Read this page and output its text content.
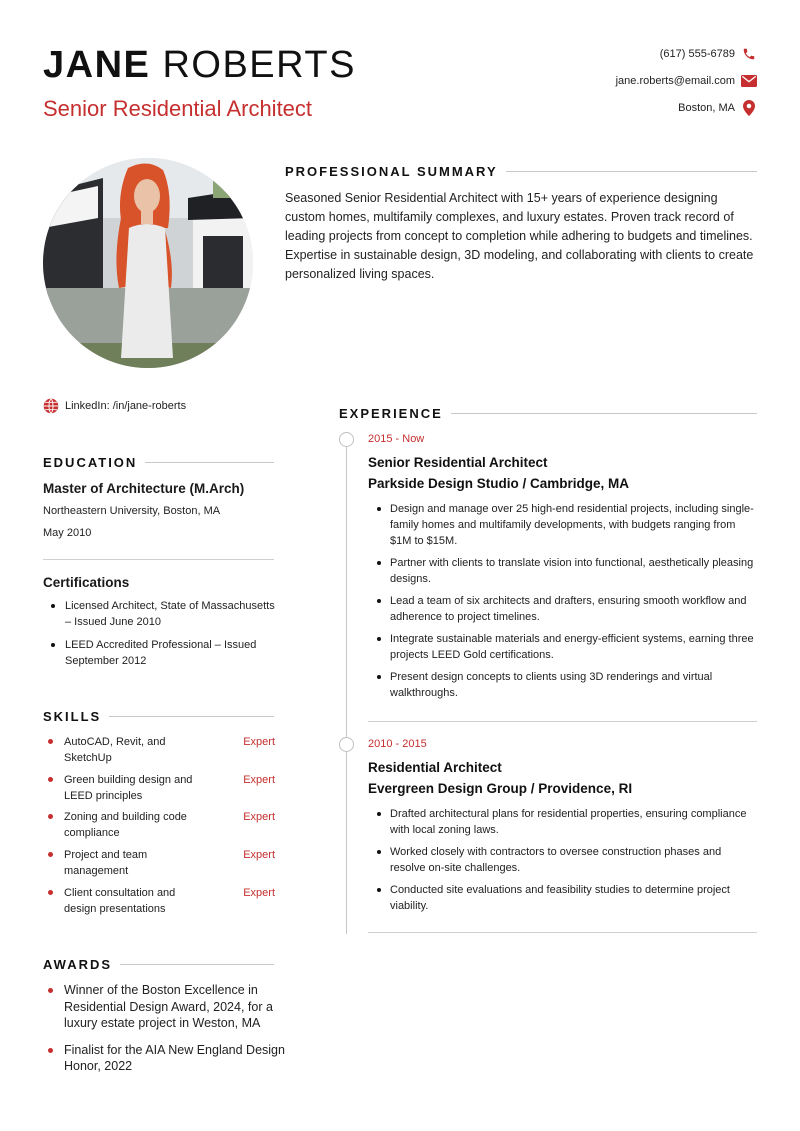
JANE ROBERTS
Senior Residential Architect
(617) 555-6789
jane.roberts@email.com
Boston, MA
PROFESSIONAL SUMMARY
Seasoned Senior Residential Architect with 15+ years of experience designing custom homes, multifamily complexes, and luxury estates. Proven track record of leading projects from concept to completion while adhering to budgets and timelines. Expertise in sustainable design, 3D modeling, and collaborating with clients to create personalized living spaces.
LinkedIn: /in/jane-roberts
EDUCATION
Master of Architecture (M.Arch)
Northeastern University, Boston, MA
May 2010
Certifications
Licensed Architect, State of Massachusetts – Issued June 2010
LEED Accredited Professional – Issued September 2012
SKILLS
AutoCAD, Revit, and SketchUp
Expert
Green building design and LEED principles
Expert
Zoning and building code compliance
Expert
Project and team management
Expert
Client consultation and design presentations
Expert
AWARDS
Winner of the Boston Excellence in Residential Design Award, 2024, for a luxury estate project in Weston, MA
Finalist for the AIA New England Design Honor, 2022
EXPERIENCE
2015 - Now
Senior Residential Architect
Parkside Design Studio / Cambridge, MA
Design and manage over 25 high-end residential projects, including single-family homes and multifamily developments, with budgets ranging from $1M to $15M.
Partner with clients to translate vision into functional, aesthetically pleasing designs.
Lead a team of six architects and drafters, ensuring smooth workflow and adherence to project timelines.
Integrate sustainable materials and energy-efficient systems, earning three projects LEED Gold certifications.
Present design concepts to clients using 3D renderings and virtual walkthroughs.
2010 - 2015
Residential Architect
Evergreen Design Group / Providence, RI
Drafted architectural plans for residential properties, ensuring compliance with local zoning laws.
Worked closely with contractors to oversee construction phases and resolve on-site challenges.
Conducted site evaluations and feasibility studies to determine project viability.
